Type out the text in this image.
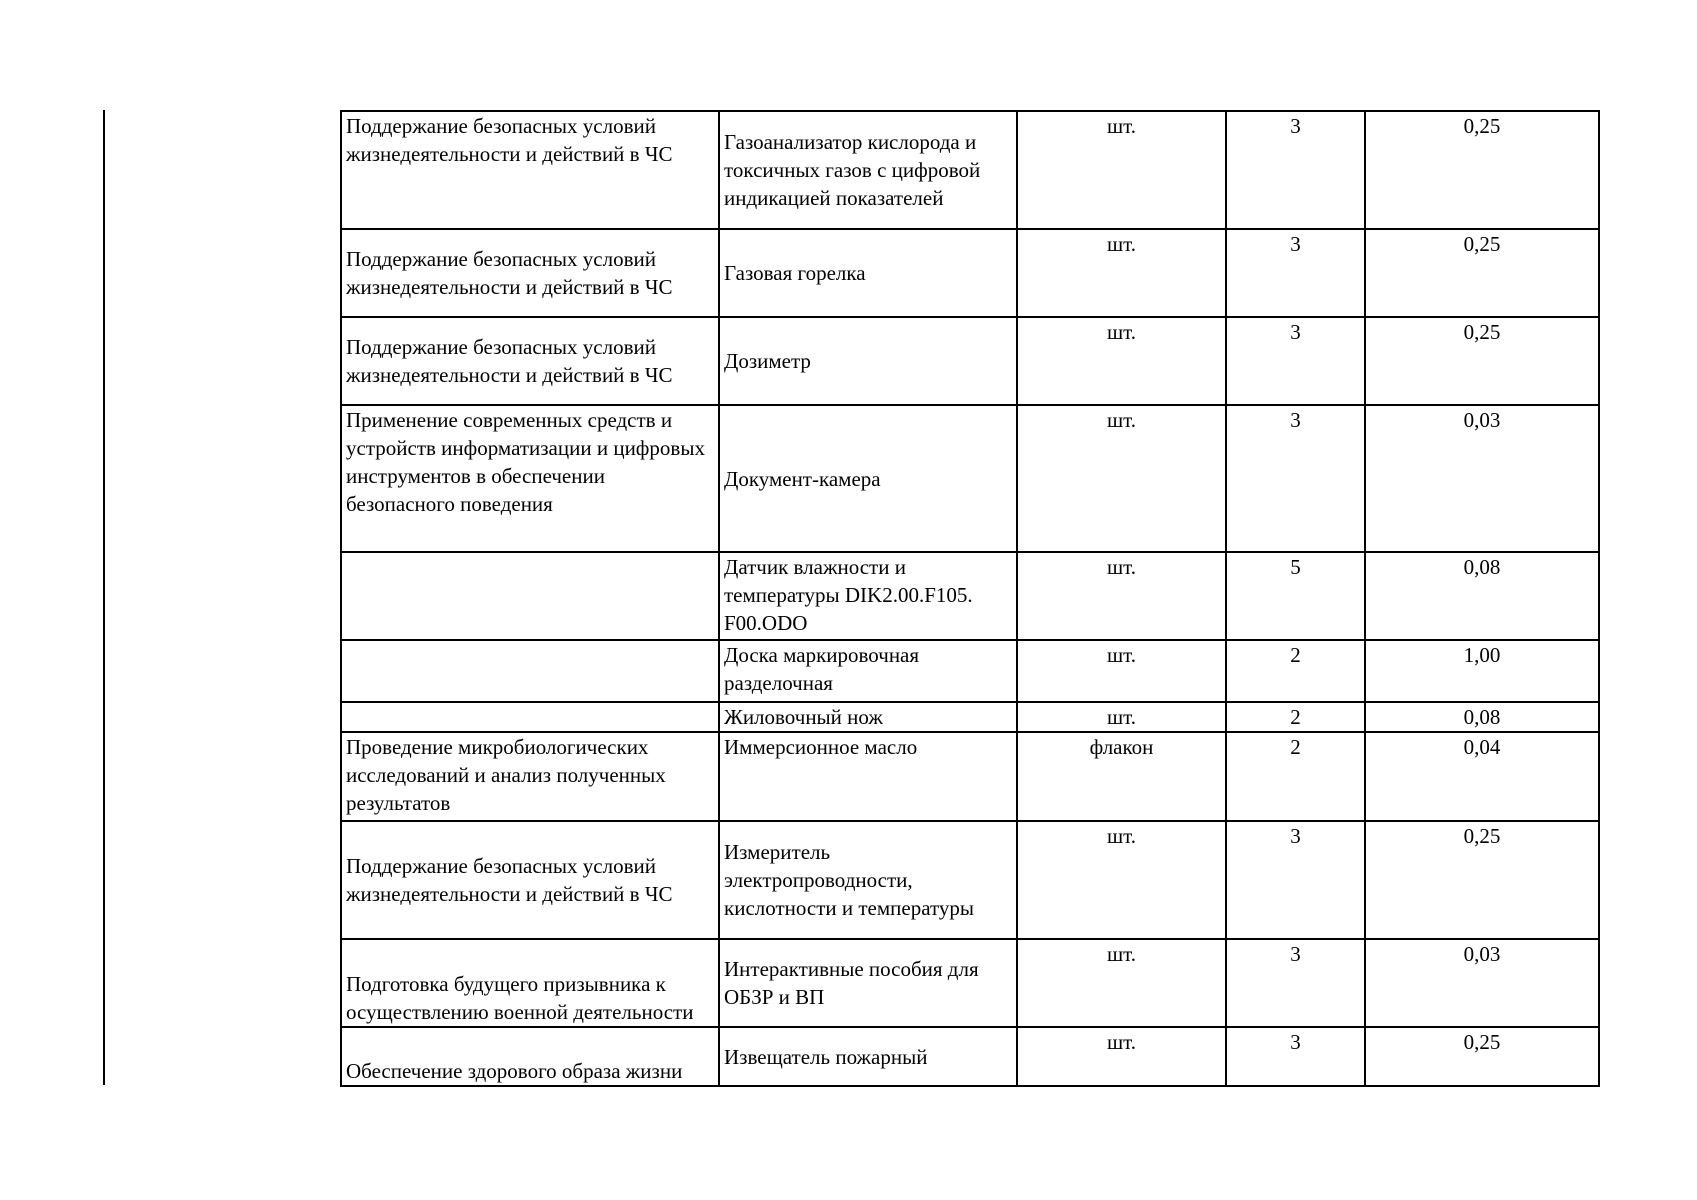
Поддержание безопасных условий жизнедеятельности и действий в ЧС	Газоанализатор кислорода и токсичных газов с цифровой индикацией показателей	шт.	3	0,25
Поддержание безопасных условий жизнедеятельности и действий в ЧС	Газовая горелка	шт.	3	0,25
Поддержание безопасных условий жизнедеятельности и действий в ЧС	Дозиметр	шт.	3	0,25
Применение современных средств и устройств информатизации и цифровых инструментов в обеспечении безопасного поведения	Документ-камера	шт.	3	0,03
	Датчик влажности и температуры DIK2.00.F105. F00.ODO	шт.	5	0,08
	Доска маркировочная разделочная	шт.	2	1,00
	Жиловочный нож	шт.	2	0,08
Проведение микробиологических исследований и анализ полученных результатов	Иммерсионное масло	флакон	2	0,04
Поддержание безопасных условий жизнедеятельности и действий в ЧС	Измеритель электропроводности, кислотности и температуры	шт.	3	0,25
Подготовка будущего призывника к осуществлению военной деятельности	Интерактивные пособия для ОБЗР и ВП	шт.	3	0,03
Обеспечение здорового образа жизни	Извещатель пожарный	шт.	3	0,25
